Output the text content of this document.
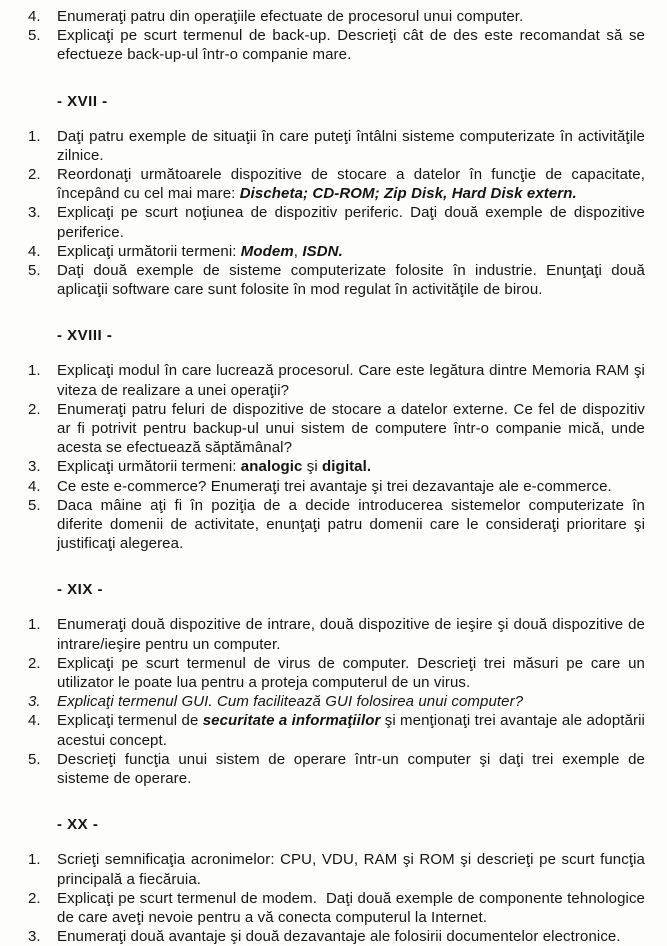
4.	Enumeraţi patru din operaţiile efectuate de procesorul unui computer.
5.	Explicaţi pe scurt termenul de back-up. Descrieţi cât de des este recomandat să se efectueze back-up-ul într-o companie mare.
- XVII -
1.	Daţi patru exemple de situaţii în care puteţi întâlni sisteme computerizate în activităţile zilnice.
2.	Reordonaţi următoarele dispozitive de stocare a datelor în funcţie de capacitate, începând cu cel mai mare: Discheta; CD-ROM; Zip Disk, Hard Disk extern.
3.	Explicaţi pe scurt noţiunea de dispozitiv periferic. Daţi două exemple de dispozitive periferice.
4.	Explicaţi următorii termeni: Modem, ISDN.
5.	Daţi două exemple de sisteme computerizate folosite în industrie. Enunţaţi două aplicaţii software care sunt folosite în mod regulat în activităţile de birou.
- XVIII -
1.	Explicaţi modul în care lucrează procesorul. Care este legătura dintre Memoria RAM şi viteza de realizare a unei operaţii?
2.	Enumeraţi patru feluri de dispozitive de stocare a datelor externe. Ce fel de dispozitiv ar fi potrivit pentru backup-ul unui sistem de computere într-o companie mică, unde acesta se efectuează săptămânal?
3.	Explicaţi următorii termeni: analogic şi digital.
4.	Ce este e-commerce? Enumeraţi trei avantaje şi trei dezavantaje ale e-commerce.
5.	Daca mâine aţi fi în poziţia de a decide introducerea sistemelor computerizate în diferite domenii de activitate, enunţaţi patru domenii care le consideraţi prioritare şi justificaţi alegerea.
- XIX -
1.	Enumeraţi două dispozitive de intrare, două dispozitive de ieşire şi două dispozitive de intrare/ieşire pentru un computer.
2.	Explicaţi pe scurt termenul de virus de computer. Descrieţi trei măsuri pe care un utilizator le poate lua pentru a proteja computerul de un virus.
3.	Explicaţi termenul GUI. Cum facilitează GUI folosirea unui computer?
4.	Explicaţi termenul de securitate a informaţiilor şi menţionaţi trei avantaje ale adoptării acestui concept.
5.	Descrieţi funcţia unui sistem de operare într-un computer şi daţi trei exemple de sisteme de operare.
- XX -
1.	Scrieţi semnificaţia acronimelor: CPU, VDU, RAM şi ROM şi descrieţi pe scurt funcţia principală a fiecăruia.
2.	Explicaţi pe scurt termenul de modem.  Daţi două exemple de componente tehnologice de care aveţi nevoie pentru a vă conecta computerul la Internet.
3.	Enumeraţi două avantaje şi două dezavantaje ale folosirii documentelor electronice.
